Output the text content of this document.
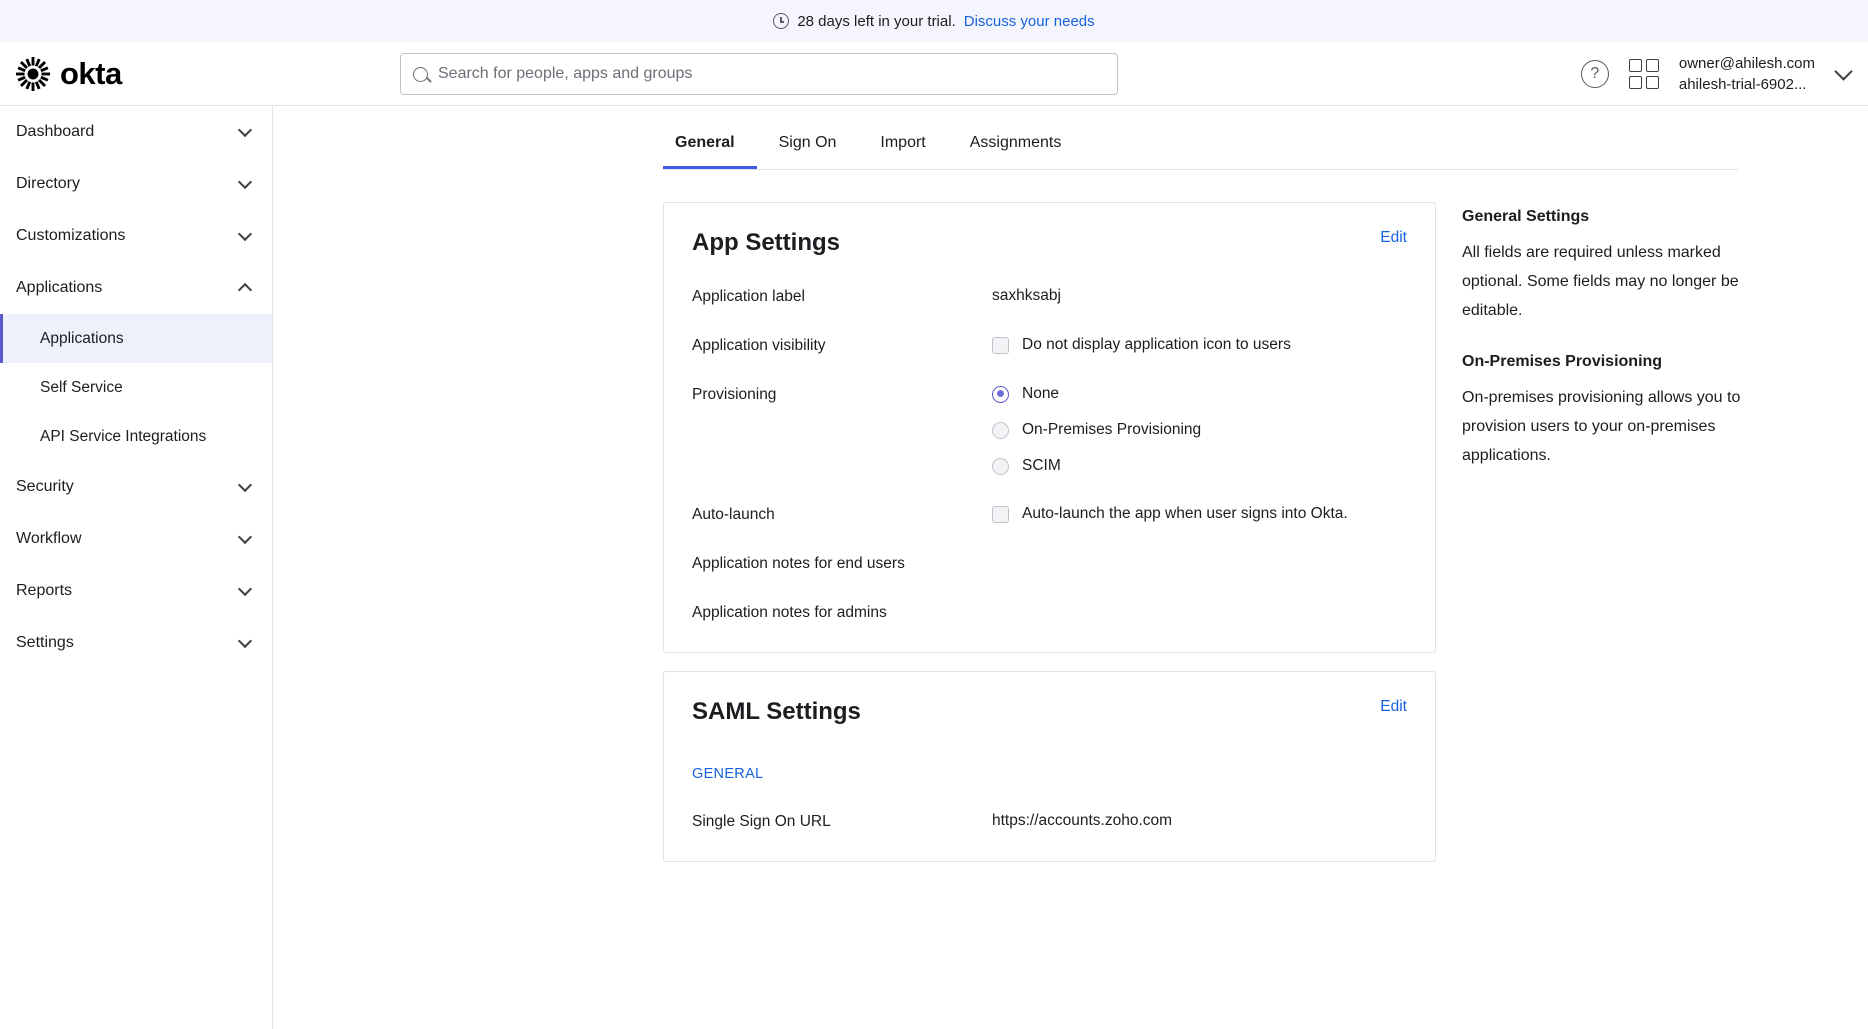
28 days left in your trial. Discuss your needs
okta
Search for people, apps and groups	?
owner@ahilesh.com
ahilesh-trial-6902...
Dashboard
Directory
Customizations
Applications
Applications
Self Service
API Service Integrations
Security
Workflow
Reports
Settings
General	Sign On	Import	Assignments
App Settings	Edit
Application label	saxhksabj
Application visibility	Do not display application icon to users
Provisioning	None
On-Premises Provisioning
SCIM
Auto-launch	Auto-launch the app when user signs into Okta.
Application notes for end users
Application notes for admins
SAML Settings	Edit
GENERAL
Single Sign On URL	https://accounts.zoho.com
General Settings
All fields are required unless marked optional. Some fields may no longer be editable.
On-Premises Provisioning
On-premises provisioning allows you to provision users to your on-premises applications.
